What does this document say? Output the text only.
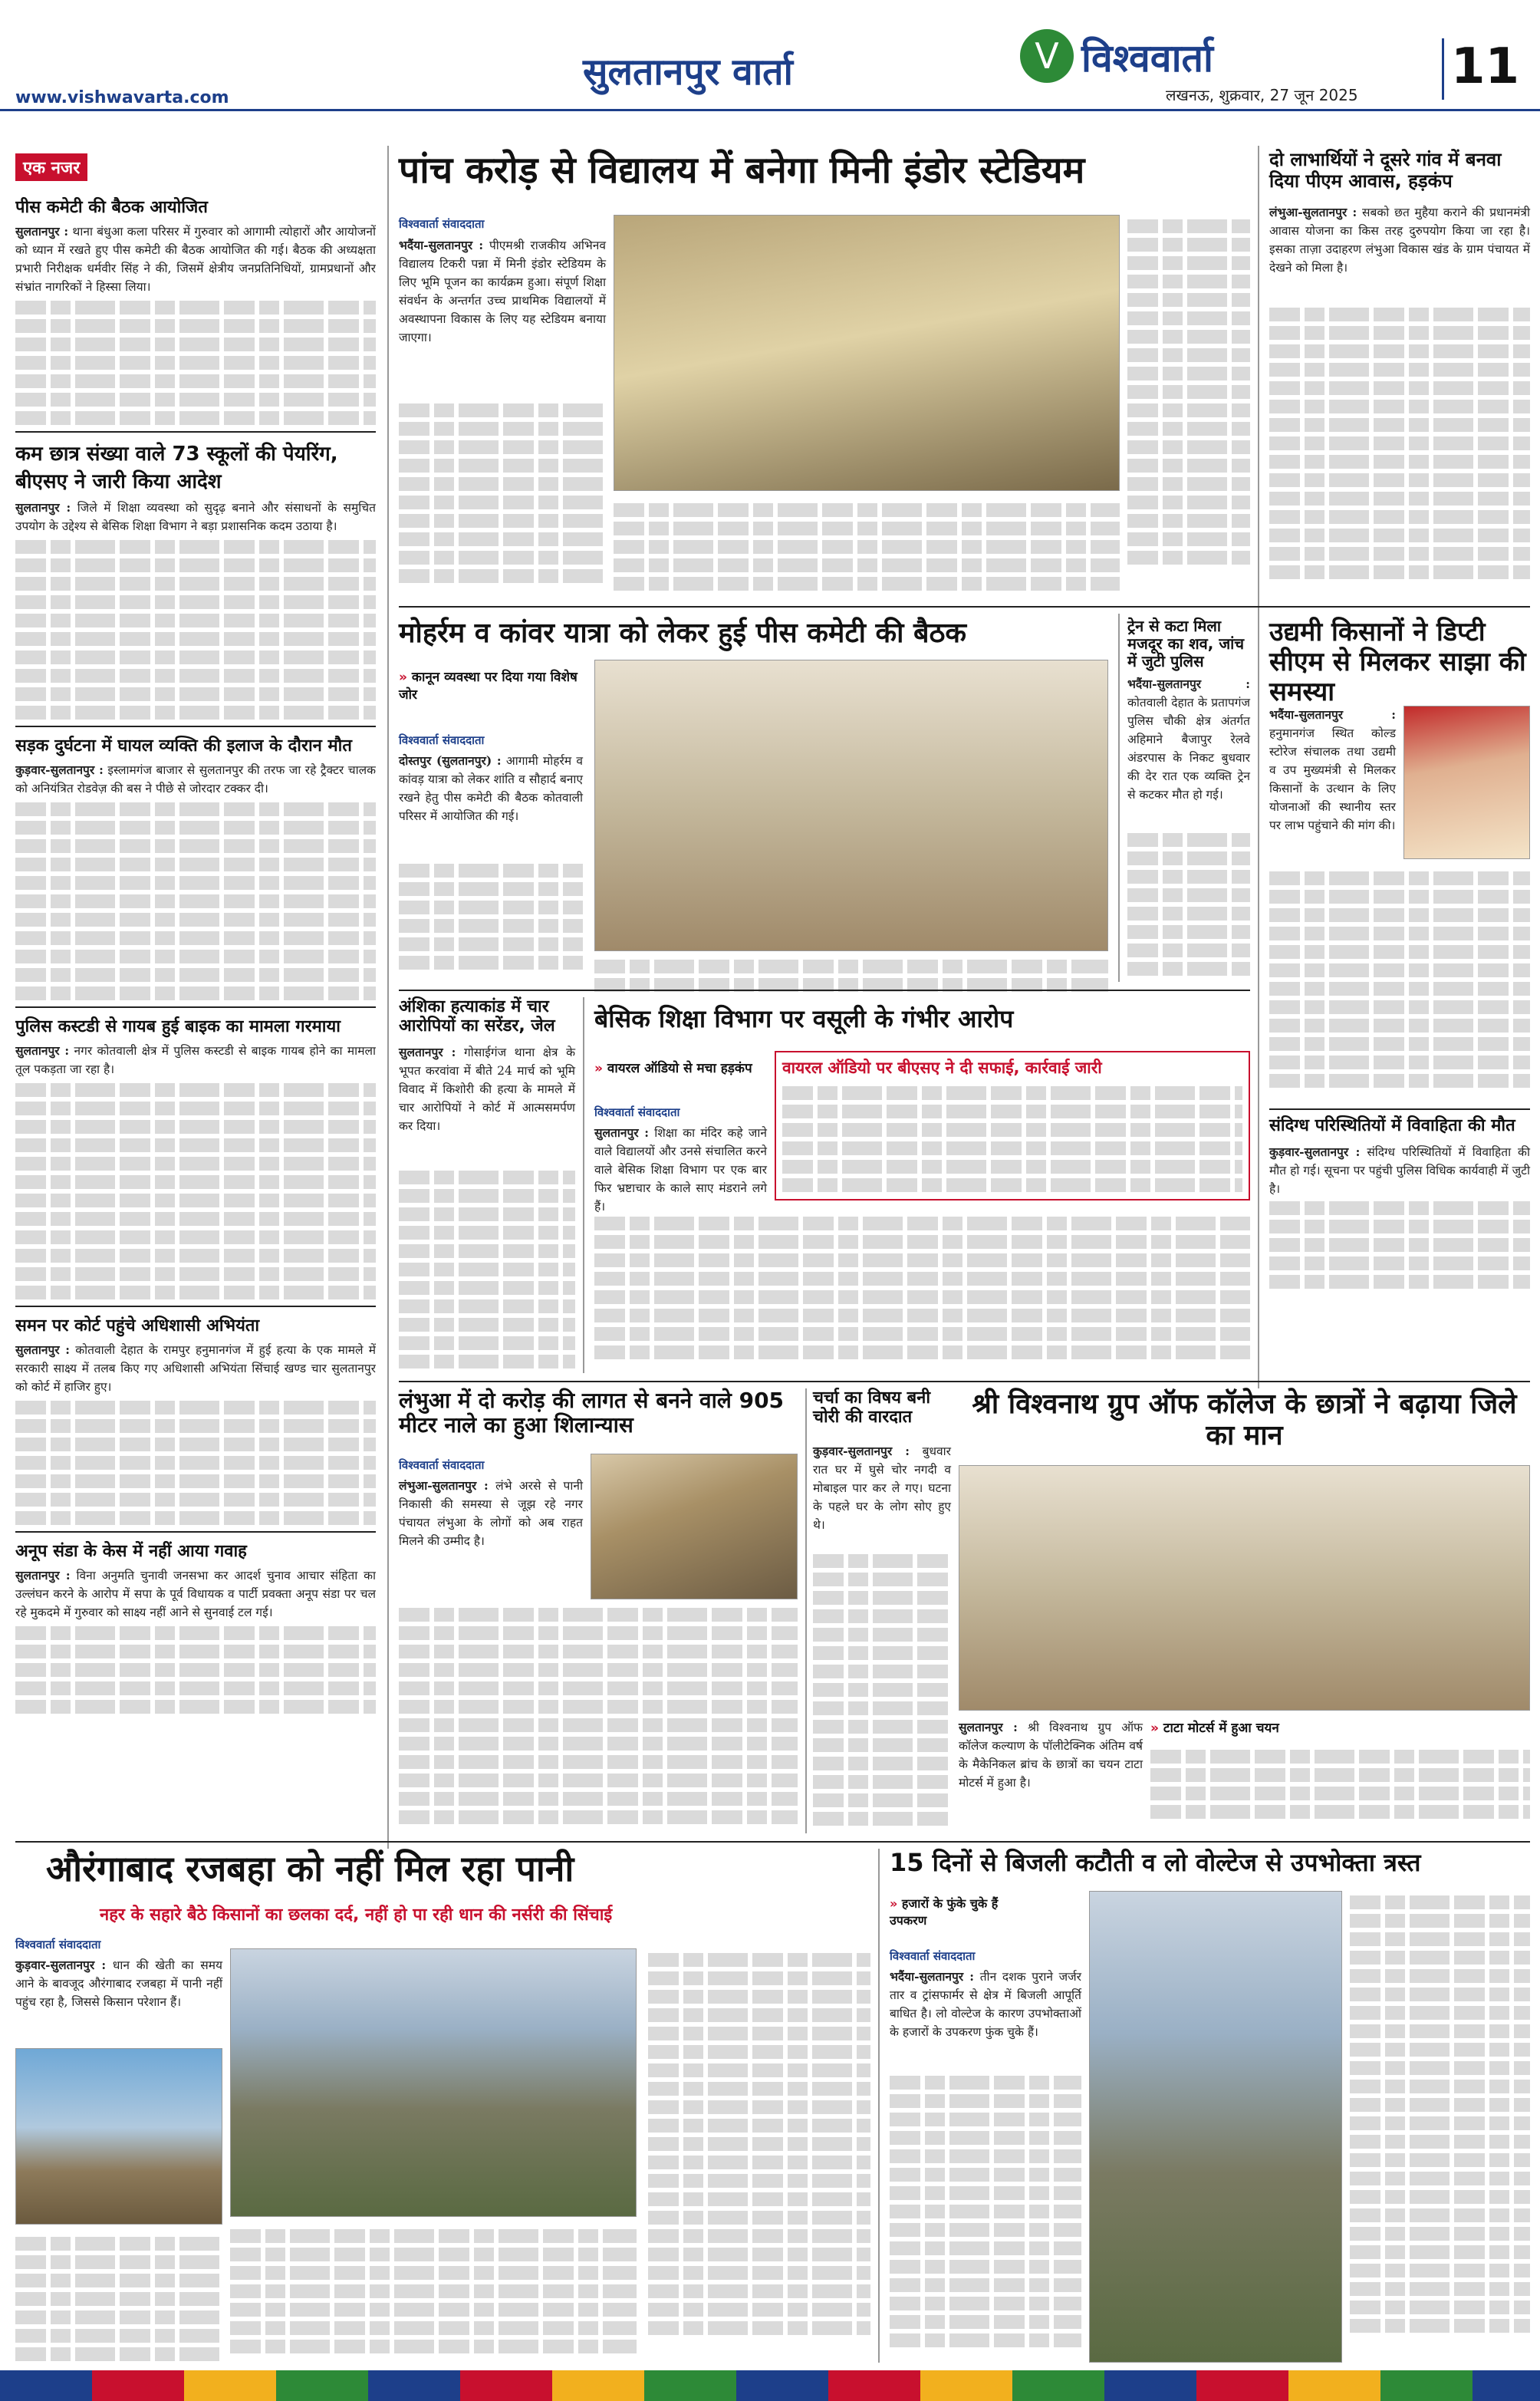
www.vishwavarta.com
सुलतानपुर वार्ता	V विश्ववार्ता
लखनऊ, शुक्रवार, 27 जून 2025 11
एक नजर
पीस कमेटी की बैठक आयोजित
सुलतानपुर : थाना बंधुआ कला परिसर में गुरुवार को आगामी त्योहारों और आयोजनों को ध्यान में रखते हुए पीस कमेटी की बैठक आयोजित की गई। बैठक की अध्यक्षता प्रभारी निरीक्षक धर्मवीर सिंह ने की, जिसमें क्षेत्रीय जनप्रतिनिधियों, ग्रामप्रधानों और संभ्रांत नागरिकों ने हिस्सा लिया।
कम छात्र संख्या वाले 73 स्कूलों की पेयरिंग, बीएसए ने जारी किया आदेश
सुलतानपुर : जिले में शिक्षा व्यवस्था को सुदृढ़ बनाने और संसाधनों के समुचित उपयोग के उद्देश्य से बेसिक शिक्षा विभाग ने बड़ा प्रशासनिक कदम उठाया है।
सड़क दुर्घटना में घायल व्यक्ति की इलाज के दौरान मौत
कुड़वार-सुलतानपुर : इस्लामगंज बाजार से सुलतानपुर की तरफ जा रहे ट्रैक्टर चालक को अनियंत्रित रोडवेज़ की बस ने पीछे से जोरदार टक्कर दी।
पुलिस कस्टडी से गायब हुई बाइक का मामला गरमाया
सुलतानपुर : नगर कोतवाली क्षेत्र में पुलिस कस्टडी से बाइक गायब होने का मामला तूल पकड़ता जा रहा है।
समन पर कोर्ट पहुंचे अधिशासी अभियंता
सुलतानपुर : कोतवाली देहात के रामपुर हनुमानगंज में हुई हत्या के एक मामले में सरकारी साक्ष्य में तलब किए गए अधिशासी अभियंता सिंचाई खण्ड चार सुलतानपुर को कोर्ट में हाजिर हुए।
अनूप संडा के केस में नहीं आया गवाह
सुलतानपुर : विना अनुमति चुनावी जनसभा कर आदर्श चुनाव आचार संहिता का उल्लंघन करने के आरोप में सपा के पूर्व विधायक व पार्टी प्रवक्ता अनूप संडा पर चल रहे मुकदमे में गुरुवार को साक्ष्य नहीं आने से सुनवाई टल गई।
पांच करोड़ से विद्यालय में बनेगा मिनी इंडोर स्टेडियम
विश्ववार्ता संवाददाता
भदैंया-सुलतानपुर : पीएमश्री राजकीय अभिनव विद्यालय टिकरी पन्ना में मिनी इंडोर स्टेडियम के लिए भूमि पूजन का कार्यक्रम हुआ। संपूर्ण शिक्षा संवर्धन के अन्तर्गत उच्च प्राथमिक विद्यालयों में अवस्थापना विकास के लिए यह स्टेडियम बनाया जाएगा।
दो लाभार्थियों ने दूसरे गांव में बनवा दिया पीएम आवास, हड़कंप
लंभुआ-सुलतानपुर : सबको छत मुहैया कराने की प्रधानमंत्री आवास योजना का किस तरह दुरुपयोग किया जा रहा है। इसका ताज़ा उदाहरण लंभुआ विकास खंड के ग्राम पंचायत में देखने को मिला है।
मोहर्रम व कांवर यात्रा को लेकर हुई पीस कमेटी की बैठक
» कानून व्यवस्था पर दिया गया विशेष जोर
विश्ववार्ता संवाददाता
दोस्तपुर (सुलतानपुर) : आगामी मोहर्रम व कांवड़ यात्रा को लेकर शांति व सौहार्द बनाए रखने हेतु पीस कमेटी की बैठक कोतवाली परिसर में आयोजित की गई।
ट्रेन से कटा मिला मजदूर का शव, जांच में जुटी पुलिस
भदैंया-सुलतानपुर : कोतवाली देहात के प्रतापगंज पुलिस चौकी क्षेत्र अंतर्गत अहिमाने बैजापुर रेलवे अंडरपास के निकट बुधवार की देर रात एक व्यक्ति ट्रेन से कटकर मौत हो गई।
उद्यमी किसानों ने डिप्टी सीएम से मिलकर साझा की समस्या
भदैंया-सुलतानपुर : हनुमानगंज स्थित कोल्ड स्टोरेज संचालक तथा उद्यमी व उप मुख्यमंत्री से मिलकर किसानों के उत्थान के लिए योजनाओं की स्थानीय स्तर पर लाभ पहुंचाने की मांग की।
संदिग्ध परिस्थितियों में विवाहिता की मौत
कुड़वार-सुलतानपुर : संदिग्ध परिस्थितियों में विवाहिता की मौत हो गई। सूचना पर पहुंची पुलिस विधिक कार्यवाही में जुटी है।
अंशिका हत्याकांड में चार आरोपियों का सरेंडर, जेल
सुलतानपुर : गोसाईगंज थाना क्षेत्र के भूपत करवांवा में बीते 24 मार्च को भूमि विवाद में किशोरी की हत्या के मामले में चार आरोपियों ने कोर्ट में आत्मसमर्पण कर दिया।
बेसिक शिक्षा विभाग पर वसूली के गंभीर आरोप
» वायरल ऑडियो से मचा हड़कंप	वायरल ऑडियो पर बीएसए ने दी सफाई, कार्रवाई जारी
विश्ववार्ता संवाददाता
सुलतानपुर : शिक्षा का मंदिर कहे जाने वाले विद्यालयों और उनसे संचालित करने वाले बेसिक शिक्षा विभाग पर एक बार फिर भ्रष्टाचार के काले साए मंडराने लगे हैं।
लंभुआ में दो करोड़ की लागत से बनने वाले 905 मीटर नाले का हुआ शिलान्यास
विश्ववार्ता संवाददाता
लंभुआ-सुलतानपुर : लंभे अरसे से पानी निकासी की समस्या से जूझ रहे नगर पंचायत लंभुआ के लोगों को अब राहत मिलने की उम्मीद है।
चर्चा का विषय बनी चोरी की वारदात
कुड़वार-सुलतानपुर : बुधवार रात घर में घुसे चोर नगदी व मोबाइल पार कर ले गए। घटना के पहले घर के लोग सोए हुए थे।
श्री विश्वनाथ ग्रुप ऑफ कॉलेज के छात्रों ने बढ़ाया जिले का मान
सुलतानपुर : श्री विश्वनाथ ग्रुप ऑफ कॉलेज कल्याण के पॉलीटेक्निक अंतिम वर्ष के मैकेनिकल ब्रांच के छात्रों का चयन टाटा मोटर्स में हुआ है।
» टाटा मोटर्स में हुआ चयन
औरंगाबाद रजबहा को नहीं मिल रहा पानी
नहर के सहारे बैठे किसानों का छलका दर्द, नहीं हो पा रही धान की नर्सरी की सिंचाई
विश्ववार्ता संवाददाता
कुड़वार-सुलतानपुर : धान की खेती का समय आने के बावजूद औरंगाबाद रजबहा में पानी नहीं पहुंच रहा है, जिससे किसान परेशान हैं।
15 दिनों से बिजली कटौती व लो वोल्टेज से उपभोक्ता त्रस्त
» हजारों के फुंके चुके हैं उपकरण
विश्ववार्ता संवाददाता
भदैंया-सुलतानपुर : तीन दशक पुराने जर्जर तार व ट्रांसफार्मर से क्षेत्र में बिजली आपूर्ति बाधित है। लो वोल्टेज के कारण उपभोक्ताओं के हजारों के उपकरण फुंक चुके हैं।
